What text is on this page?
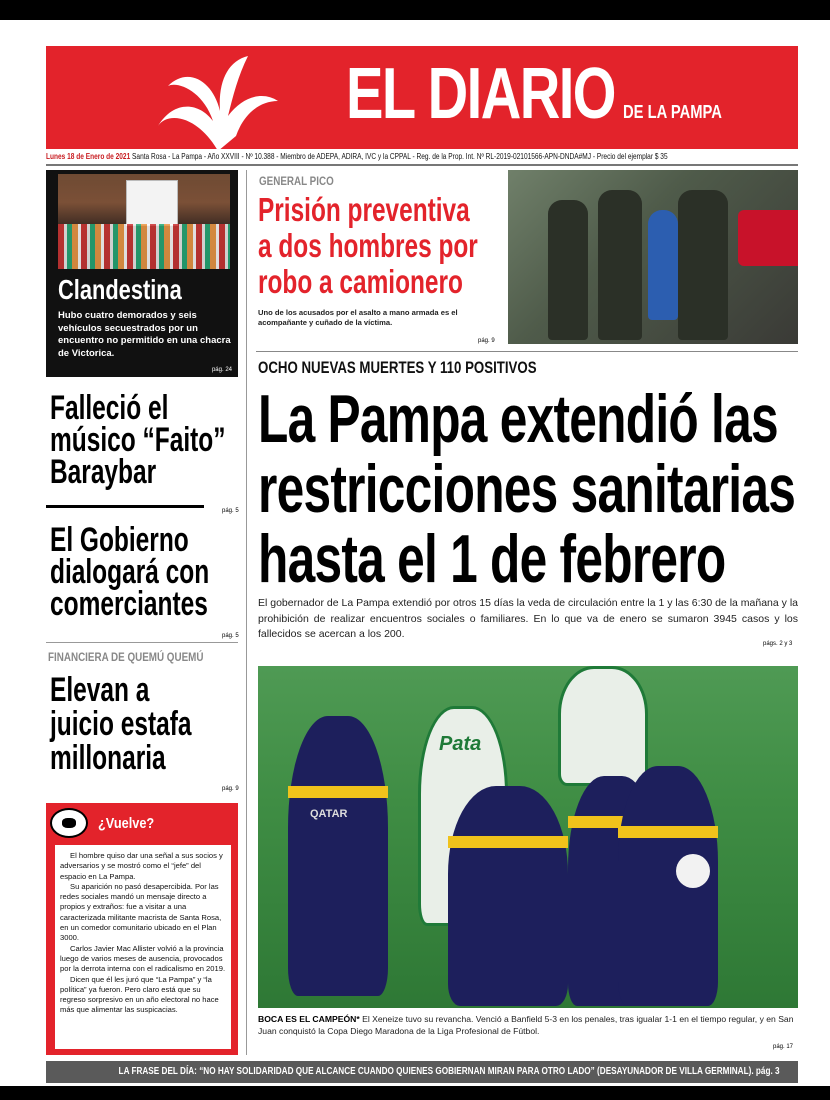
EL DIARIO DE LA PAMPA
Lunes 18 de Enero de 2021 Santa Rosa - La Pampa - Año XXVIII - Nº 10.388 - Miembro de ADEPA, ADIRA, IVC y la CPPAL - Reg. de la Prop. Int. Nº RL-2019-02101566-APN-DNDA#MJ - Precio del ejemplar $ 35
Clandestina
Hubo cuatro demorados y seis vehículos secuestrados por un encuentro no permitido en una chacra de Victorica.
pág. 24
Falleció el
músico “Faito”
Baraybar
pág. 5
El Gobierno
dialogará con
comerciantes
pág. 5
FINANCIERA DE QUEMÚ QUEMÚ
Elevan a
juicio estafa
millonaria
pág. 9
¿Vuelve?

El hombre quiso dar una señal a sus socios y adversarios y se mostró como el “jefe” del espacio en La Pampa.

Su aparición no pasó desapercibida. Por las redes sociales mandó un mensaje directo a propios y extraños: fue a visitar a una caracterizada militante macrista de Santa Rosa, en un comedor comunitario ubicado en el Plan 3000.

Carlos Javier Mac Allister volvió a la provincia luego de varios meses de ausencia, provocados por la derrota interna con el radicalismo en 2019.

Dicen que él les juró que “La Pampa” y “la política” ya fueron. Pero claro está que su regreso sorpresivo en un año electoral no hace más que alimentar las suspicacias.

GENERAL PICO
Prisión preventiva
a dos hombres por
robo a camionero
Uno de los acusados por el asalto a mano armada es el acompañante y cuñado de la víctima.
pág. 9
OCHO NUEVAS MUERTES Y 110 POSITIVOS
La Pampa extendió las
restricciones sanitarias
hasta el 1 de febrero
El gobernador de La Pampa extendió por otros 15 días la veda de circulación entre la 1 y las 6:30 de la mañana y la prohibición de realizar encuentros sociales o familiares. En lo que va de enero se sumaron 3945 casos y los fallecidos se acercan a los 200.
págs. 2 y 3
Pata
QATAR
BOCA ES EL CAMPEÓN* El Xeneize tuvo su revancha. Venció a Banfield 5-3 en los penales, tras igualar 1-1 en el tiempo regular, y en San Juan conquistó la Copa Diego Maradona de la Liga Profesional de Fútbol.
pág. 17
LA FRASE DEL DÍA: “NO HAY SOLIDARIDAD QUE ALCANCE CUANDO QUIENES GOBIERNAN MIRAN PARA OTRO LADO” (DESAYUNADOR DE VILLA GERMINAL). pág. 3
